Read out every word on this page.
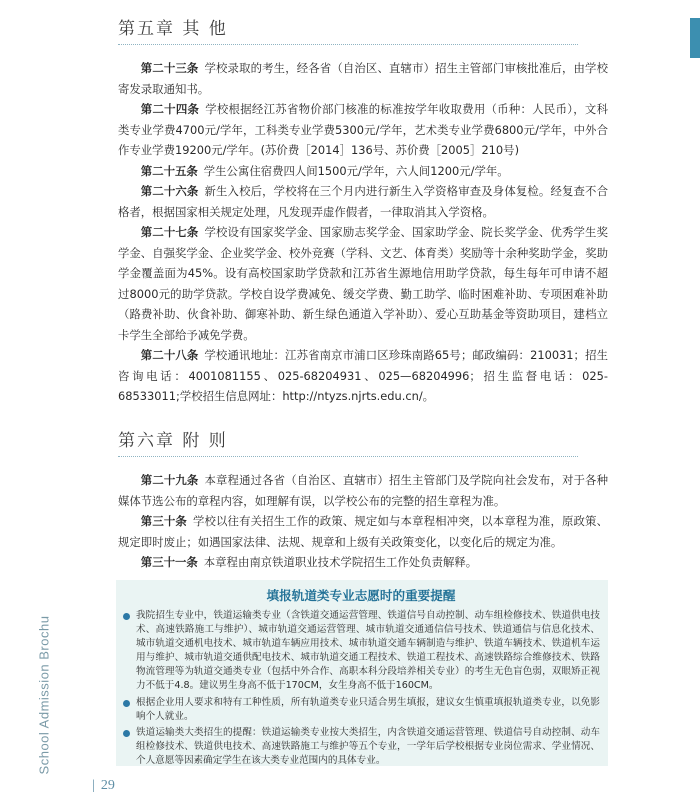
第五章 其 他

第二十三条 学校录取的考生，经各省（自治区、直辖市）招生主管部门审核批准后，由学校寄发录取通知书。

第二十四条 学校根据经江苏省物价部门核准的标准按学年收取费用（币种：人民币），文科类专业学费4700元/学年，工科类专业学费5300元/学年，艺术类专业学费6800元/学年，中外合作专业学费19200元/学年。(苏价费［2014］136号、苏价费［2005］210号)

第二十五条 学生公寓住宿费四人间1500元/学年，六人间1200元/学年。

第二十六条 新生入校后，学校将在三个月内进行新生入学资格审查及身体复检。经复查不合格者，根据国家相关规定处理，凡发现弄虚作假者，一律取消其入学资格。

第二十七条 学校设有国家奖学金、国家励志奖学金、国家助学金、院长奖学金、优秀学生奖学金、自强奖学金、企业奖学金、校外竞赛（学科、文艺、体育类）奖励等十余种奖助学金，奖助学金覆盖面为45%。设有高校国家助学贷款和江苏省生源地信用助学贷款，每生每年可申请不超过8000元的助学贷款。学校自设学费减免、缓交学费、勤工助学、临时困难补助、专项困难补助（路费补助、伙食补助、御寒补助、新生绿色通道入学补助）、爱心互助基金等资助项目，建档立卡学生全部给予减免学费。

第二十八条 学校通讯地址：江苏省南京市浦口区珍珠南路65号；邮政编码：210031；招生咨询电话：4001081155、025-68204931、025—68204996；招生监督电话：025-68533011;学校招生信息网址：http://ntyzs.njrts.edu.cn/。

第六章 附 则

第二十九条 本章程通过各省（自治区、直辖市）招生主管部门及学院向社会发布，对于各种媒体节选公布的章程内容，如理解有误，以学校公布的完整的招生章程为准。

第三十条 学校以往有关招生工作的政策、规定如与本章程相冲突，以本章程为准，原政策、规定即时废止；如遇国家法律、法规、规章和上级有关政策变化，以变化后的规定为准。

第三十一条 本章程由南京铁道职业技术学院招生工作处负责解释。

填报轨道类专业志愿时的重要提醒
我院招生专业中，铁道运输类专业（含铁道交通运营管理、铁道信号自动控制、动车组检修技术、铁道供电技术、高速铁路施工与维护）、城市轨道交通运营管理、城市轨道交通通信信号技术、铁道通信与信息化技术、城市轨道交通机电技术、城市轨道车辆应用技术、城市轨道交通车辆制造与维护、铁道车辆技术、铁道机车运用与维护、城市轨道交通供配电技术、城市轨道交通工程技术、铁道工程技术、高速铁路综合维修技术、铁路物流管理等为轨道交通类专业（包括中外合作、高职本科分段培养相关专业）的考生无色盲色弱，双眼矫正视力不低于4.8。建议男生身高不低于170CM，女生身高不低于160CM。
根据企业用人要求和特有工种性质，所有轨道类专业只适合男生填报，建议女生慎重填报轨道类专业，以免影响个人就业。
铁道运输类大类招生的提醒：铁道运输类专业按大类招生，内含铁道交通运营管理、铁道信号自动控制、动车组检修技术、铁道供电技术、高速铁路施工与维护等五个专业，一学年后学校根据专业岗位需求、学业情况、个人意愿等因素确定学生在该大类专业范围内的具体专业。
School Admission Brochu
| 29
